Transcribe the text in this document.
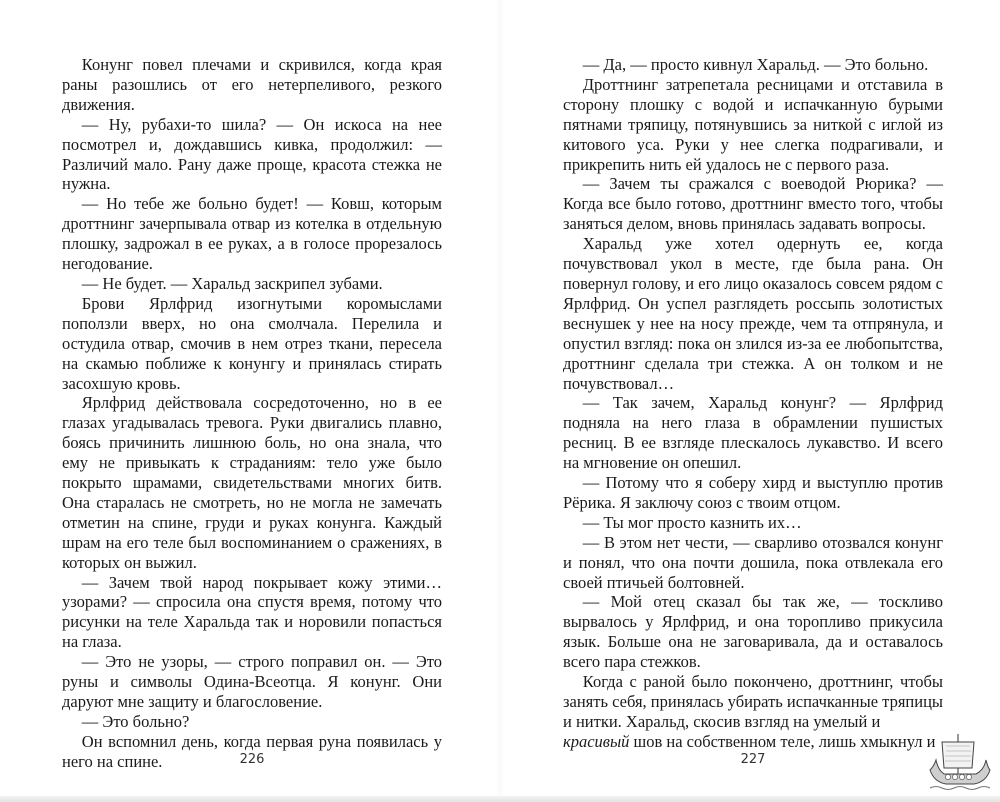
Конунг повел плечами и скривился, когда края раны разошлись от его нетерпеливого, резкого движения.

— Ну, рубахи-то шила? — Он искоса на нее посмотрел и, дождавшись кивка, продолжил: — Различий мало. Рану даже проще, красота стежка не нужна.

— Но тебе же больно будет! — Ковш, которым дроттнинг зачерпывала отвар из котелка в отдельную плошку, задрожал в ее руках, а в голосе прорезалось негодование.

— Не будет. — Харальд заскрипел зубами.

Брови Ярлфрид изогнутыми коромыслами поползли вверх, но она смолчала. Перелила и остудила отвар, смочив в нем отрез ткани, пересела на скамью поближе к конунгу и принялась стирать засохшую кровь.

Ярлфрид действовала сосредоточенно, но в ее глазах угадывалась тревога. Руки двигались плавно, боясь причинить лишнюю боль, но она знала, что ему не привыкать к страданиям: тело уже было покрыто шрамами, свидетельствами многих битв. Она старалась не смотреть, но не могла не замечать отметин на спине, груди и руках конунга. Каждый шрам на его теле был воспоминанием о сражениях, в которых он выжил.

— Зачем твой народ покрывает кожу этими… узорами? — спросила она спустя время, потому что рисунки на теле Харальда так и норовили попасться на глаза.

— Это не узоры, — строго поправил он. — Это руны и символы Одина-Всеотца. Я конунг. Они даруют мне защиту и благословение.

— Это больно?

Он вспомнил день, когда первая руна появилась у него на спине.

— Да, — просто кивнул Харальд. — Это больно.

Дроттнинг затрепетала ресницами и отставила в сторону плошку с водой и испачканную бурыми пятнами тряпицу, потянувшись за ниткой с иглой из китового уса. Руки у нее слегка подрагивали, и прикрепить нить ей удалось не с первого раза.

— Зачем ты сражался с воеводой Рюрика? — Когда все было готово, дроттнинг вместо того, чтобы заняться делом, вновь принялась задавать вопросы.

Харальд уже хотел одернуть ее, когда почувствовал укол в месте, где была рана. Он повернул голову, и его лицо оказалось совсем рядом с Ярлфрид. Он успел разглядеть россыпь золотистых веснушек у нее на носу прежде, чем та отпрянула, и опустил взгляд: пока он злился из-за ее любопытства, дроттнинг сделала три стежка. А он толком и не почувствовал…

— Так зачем, Харальд конунг? — Ярлфрид подняла на него глаза в обрамлении пушистых ресниц. В ее взгляде плескалось лукавство. И всего на мгновение он опешил.

— Потому что я соберу хирд и выступлю против Рёрика. Я заключу союз с твоим отцом.

— Ты мог просто казнить их…

— В этом нет чести, — сварливо отозвался конунг и понял, что она почти дошила, пока отвлекала его своей птичьей болтовней.

— Мой отец сказал бы так же, — тоскливо вырвалось у Ярлфрид, и она торопливо прикусила язык. Больше она не заговаривала, да и оставалось всего пара стежков.

Когда с раной было покончено, дроттнинг, чтобы занять себя, принялась убирать испачканные тряпицы и нитки. Харальд, скосив взгляд на умелый и

красивый шов на собственном теле, лишь хмыкнул и

226	227
